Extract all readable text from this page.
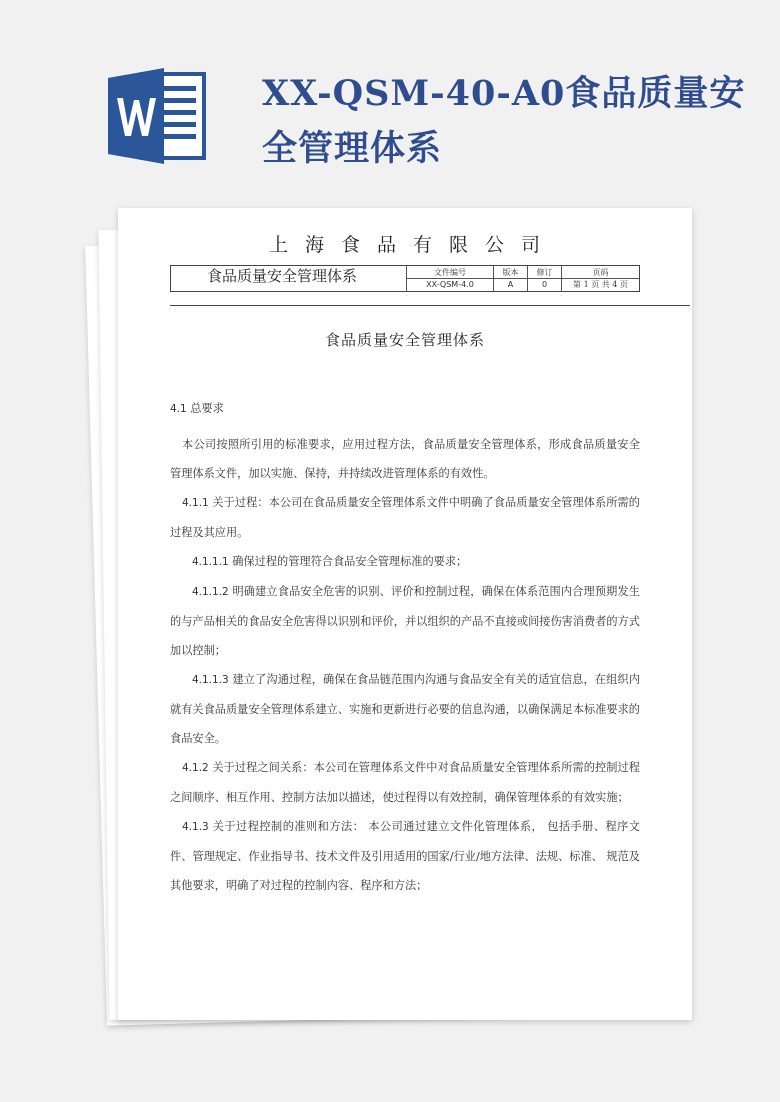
XX-QSM-40-A0食品质量安全管理体系
上海食品有限公司
食品质量安全管理体系	文件编号	版本	修订	页码
XX-QSM-4.0	A	0	第 1 页 共 4 页
食品质量安全管理体系

4.1 总要求

本公司按照所引用的标准要求，应用过程方法，食品质量安全管理体系，形成食品质量安全管理体系文件，加以实施、保持，并持续改进管理体系的有效性。

4.1.1 关于过程：本公司在食品质量安全管理体系文件中明确了食品质量安全管理体系所需的过程及其应用。

4.1.1.1 确保过程的管理符合食品安全管理标准的要求；

4.1.1.2 明确建立食品安全危害的识别、评价和控制过程，确保在体系范围内合理预期发生的与产品相关的食品安全危害得以识别和评价，并以组织的产品不直接或间接伤害消费者的方式加以控制；

4.1.1.3 建立了沟通过程，确保在食品链范围内沟通与食品安全有关的适宜信息，在组织内就有关食品质量安全管理体系建立、实施和更新进行必要的信息沟通，以确保满足本标准要求的食品安全。

4.1.2 关于过程之间关系：本公司在管理体系文件中对食品质量安全管理体系所需的控制过程之间顺序、相互作用、控制方法加以描述，使过程得以有效控制，确保管理体系的有效实施；

4.1.3 关于过程控制的准则和方法： 本公司通过建立文件化管理体系， 包括手册、程序文件、管理规定、作业指导书、技术文件及引用适用的国家/行业/地方法律、法规、标准、 规范及其他要求，明确了对过程的控制内容、程序和方法；
